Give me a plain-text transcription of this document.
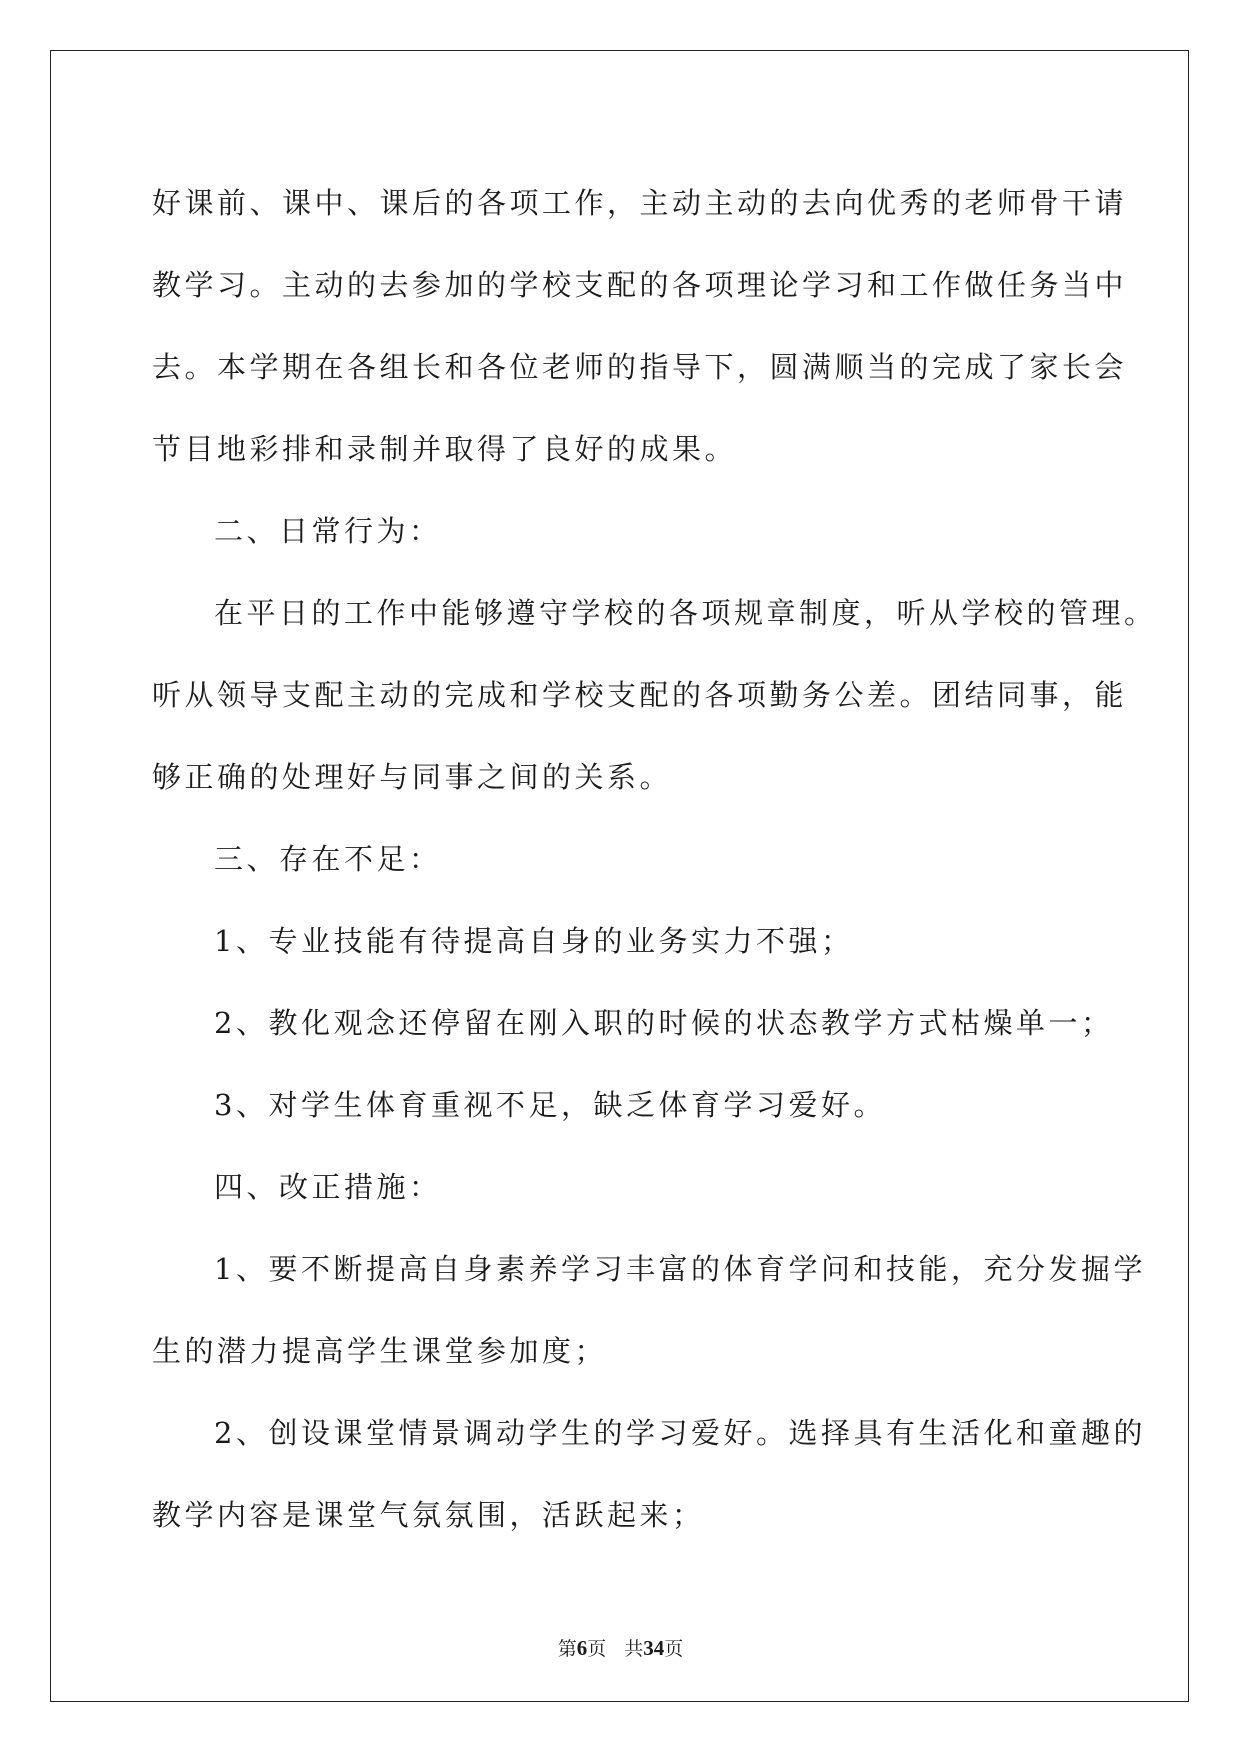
好课前、课中、课后的各项工作，主动主动的去向优秀的老师骨干请
教学习。主动的去参加的学校支配的各项理论学习和工作做任务当中
去。本学期在各组长和各位老师的指导下，圆满顺当的完成了家长会
节目地彩排和录制并取得了良好的成果。
二、日常行为：
在平日的工作中能够遵守学校的各项规章制度，听从学校的管理。
听从领导支配主动的完成和学校支配的各项勤务公差。团结同事，能
够正确的处理好与同事之间的关系。
三、存在不足：
1、专业技能有待提高自身的业务实力不强；
2、教化观念还停留在刚入职的时候的状态教学方式枯燥单一；
3、对学生体育重视不足，缺乏体育学习爱好。
四、改正措施：
1、要不断提高自身素养学习丰富的体育学问和技能，充分发掘学
生的潜力提高学生课堂参加度；
2、创设课堂情景调动学生的学习爱好。选择具有生活化和童趣的
教学内容是课堂气氛氛围，活跃起来；
第6页 共34页
